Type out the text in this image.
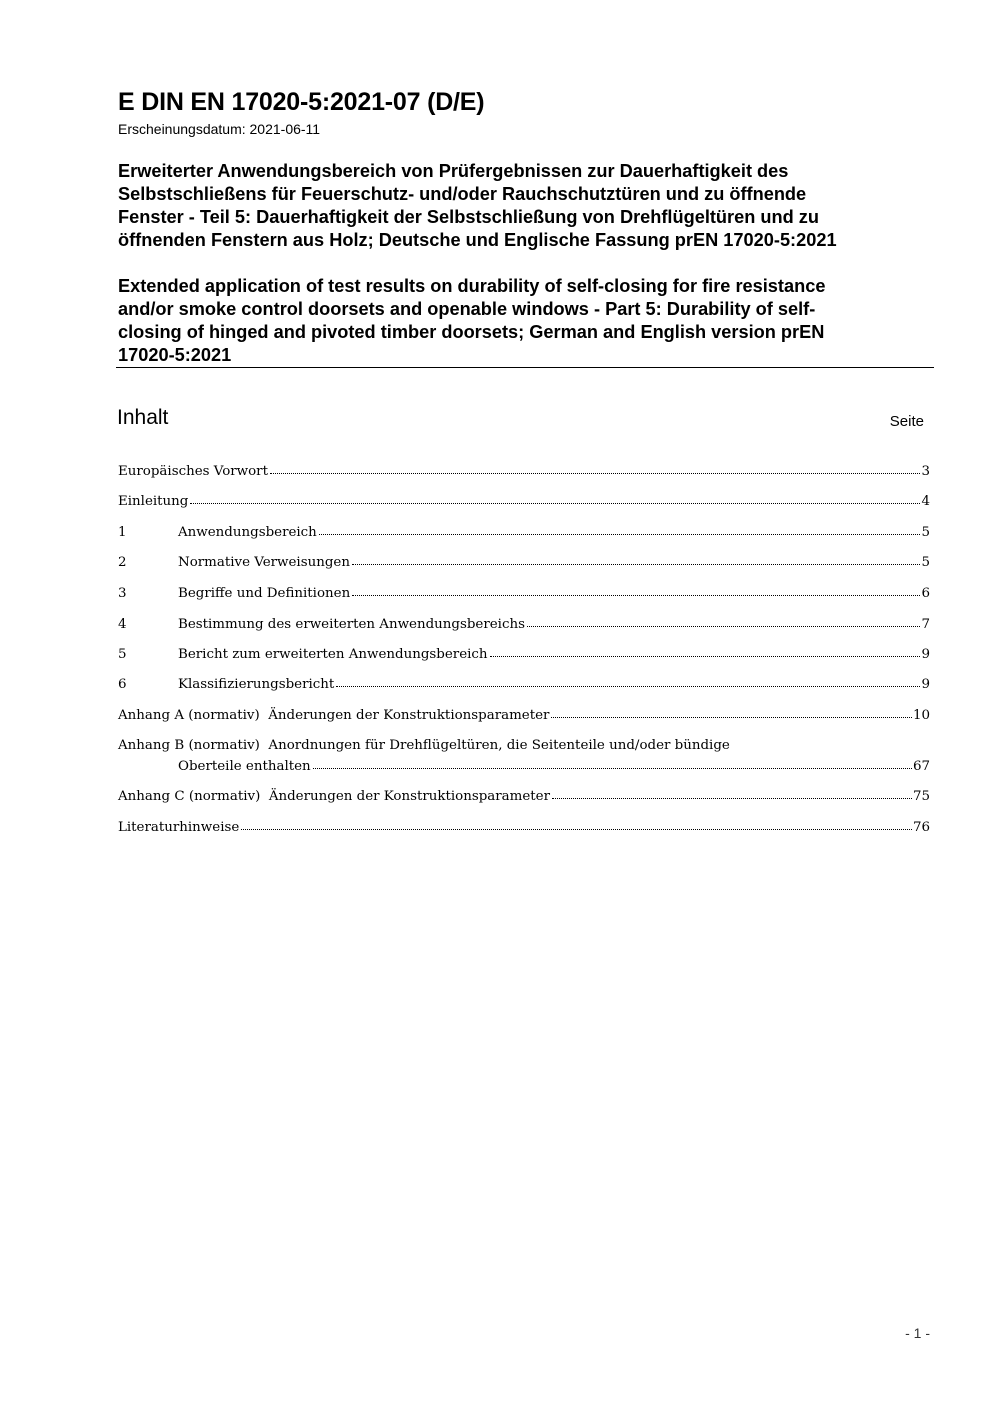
E DIN EN 17020-5:2021-07 (D/E)
Erscheinungsdatum: 2021-06-11
Erweiterter Anwendungsbereich von Prüfergebnissen zur Dauerhaftigkeit des
Selbstschließens für Feuerschutz- und/oder Rauchschutztüren und zu öffnende
Fenster - Teil 5: Dauerhaftigkeit der Selbstschließung von Drehflügeltüren und zu
öffnenden Fenstern aus Holz; Deutsche und Englische Fassung prEN 17020-5:2021
Extended application of test results on durability of self-closing for fire resistance
and/or smoke control doorsets and openable windows - Part 5: Durability of self-
closing of hinged and pivoted timber doorsets; German and English version prEN
17020-5:2021
Inhalt	Seite
Europäisches Vorwort	3
Einleitung	4
1	Anwendungsbereich	5
2	Normative Verweisungen	5
3	Begriffe und Definitionen	6
4	Bestimmung des erweiterten Anwendungsbereichs	7
5	Bericht zum erweiterten Anwendungsbereich	9
6	Klassifizierungsbericht	9
Anhang A (normativ)  Änderungen der Konstruktionsparameter	10
Anhang B (normativ)  Anordnungen für Drehflügeltüren, die Seitenteile und/oder bündige
Oberteile enthalten	67
Anhang C (normativ)  Änderungen der Konstruktionsparameter	75
Literaturhinweise	76
- 1 -
